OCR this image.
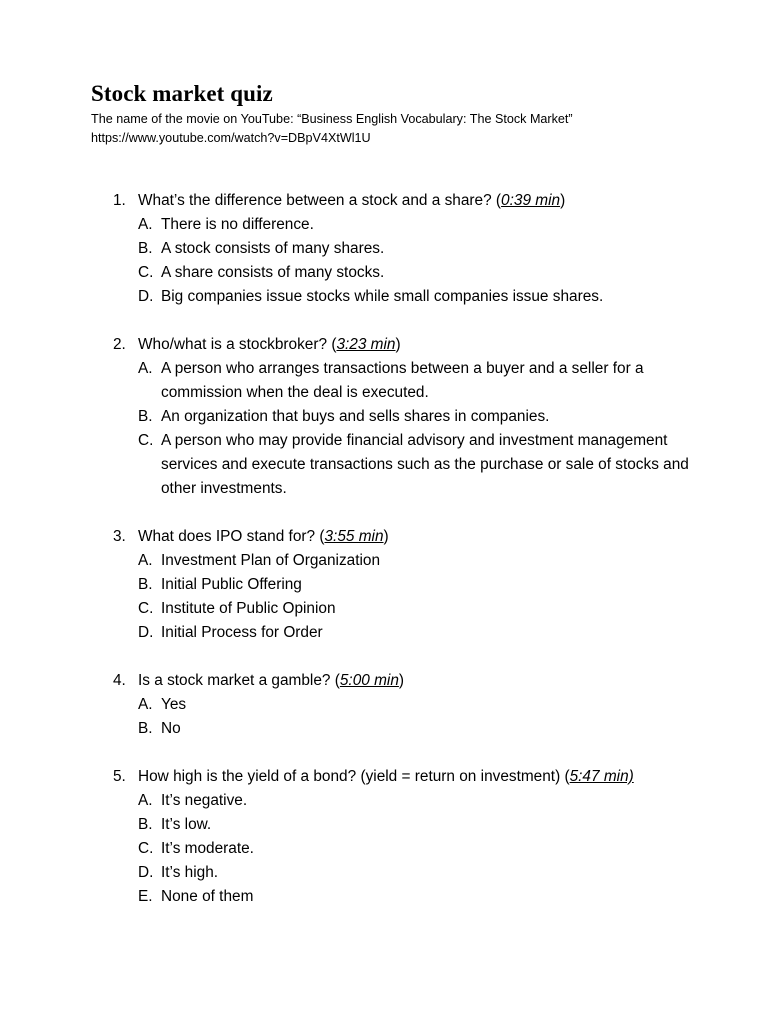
Stock market quiz
The name of the movie on YouTube: “Business English Vocabulary: The Stock Market”
https://www.youtube.com/watch?v=DBpV4XtWl1U
1. What’s the difference between a stock and a share? (0:39 min)
A. There is no difference.
B. A stock consists of many shares.
C. A share consists of many stocks.
D. Big companies issue stocks while small companies issue shares.
2. Who/what is a stockbroker? (3:23 min)
A. A person who arranges transactions between a buyer and a seller for a commission when the deal is executed.
B. An organization that buys and sells shares in companies.
C. A person who may provide financial advisory and investment management services and execute transactions such as the purchase or sale of stocks and other investments.
3. What does IPO stand for? (3:55 min)
A. Investment Plan of Organization
B. Initial Public Offering
C. Institute of Public Opinion
D. Initial Process for Order
4. Is a stock market a gamble? (5:00 min)
A. Yes
B. No
5. How high is the yield of a bond? (yield = return on investment) (5:47 min)
A. It’s negative.
B. It’s low.
C. It’s moderate.
D. It’s high.
E. None of them
